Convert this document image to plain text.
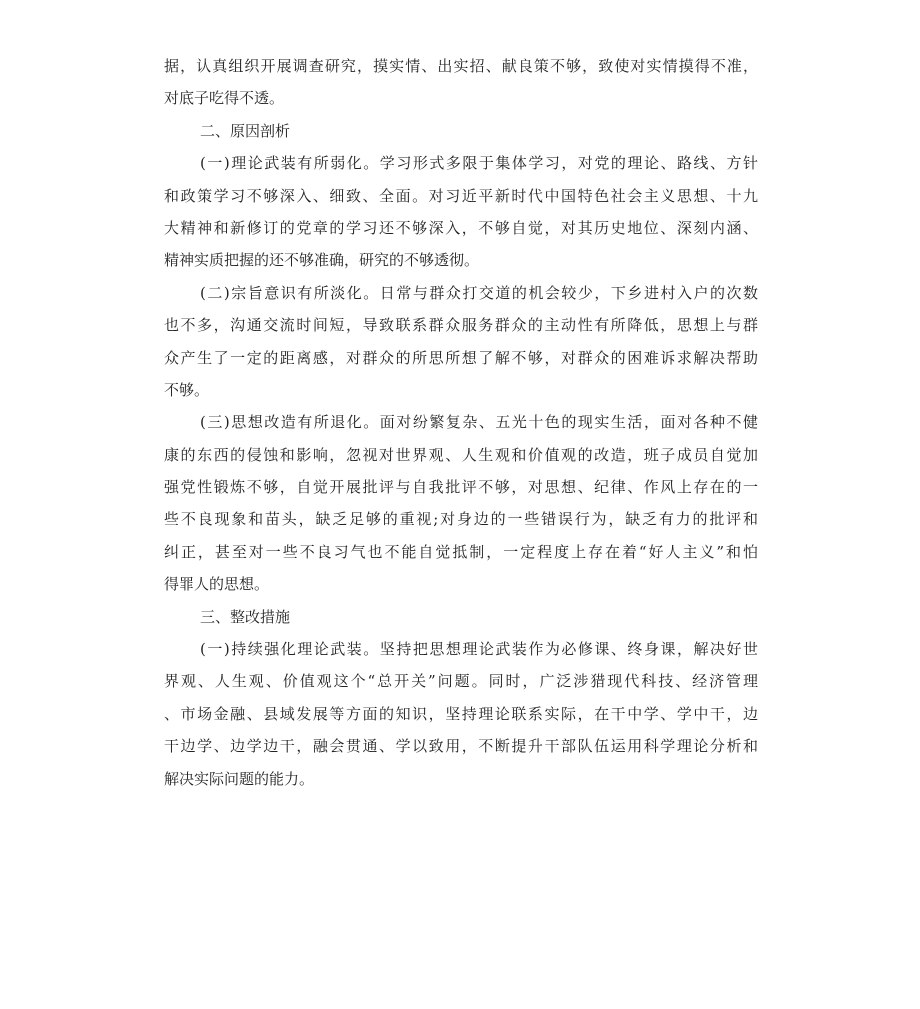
据，认真组织开展调查研究，摸实情、出实招、献良策不够，致使对实情摸得不准，
对底子吃得不透。
二、原因剖析
(一)理论武装有所弱化。学习形式多限于集体学习，对党的理论、路线、方针
和政策学习不够深入、细致、全面。对习近平新时代中国特色社会主义思想、十九
大精神和新修订的党章的学习还不够深入，不够自觉，对其历史地位、深刻内涵、
精神实质把握的还不够准确，研究的不够透彻。
(二)宗旨意识有所淡化。日常与群众打交道的机会较少，下乡进村入户的次数
也不多，沟通交流时间短，导致联系群众服务群众的主动性有所降低，思想上与群
众产生了一定的距离感，对群众的所思所想了解不够，对群众的困难诉求解决帮助
不够。
(三)思想改造有所退化。面对纷繁复杂、五光十色的现实生活，面对各种不健
康的东西的侵蚀和影响，忽视对世界观、人生观和价值观的改造，班子成员自觉加
强党性锻炼不够，自觉开展批评与自我批评不够，对思想、纪律、作风上存在的一
些不良现象和苗头，缺乏足够的重视;对身边的一些错误行为，缺乏有力的批评和
纠正，甚至对一些不良习气也不能自觉抵制，一定程度上存在着“好人主义”和怕
得罪人的思想。
三、整改措施
(一)持续强化理论武装。坚持把思想理论武装作为必修课、终身课，解决好世
界观、人生观、价值观这个“总开关”问题。同时，广泛涉猎现代科技、经济管理
、市场金融、县域发展等方面的知识，坚持理论联系实际，在干中学、学中干，边
干边学、边学边干，融会贯通、学以致用，不断提升干部队伍运用科学理论分析和
解决实际问题的能力。
